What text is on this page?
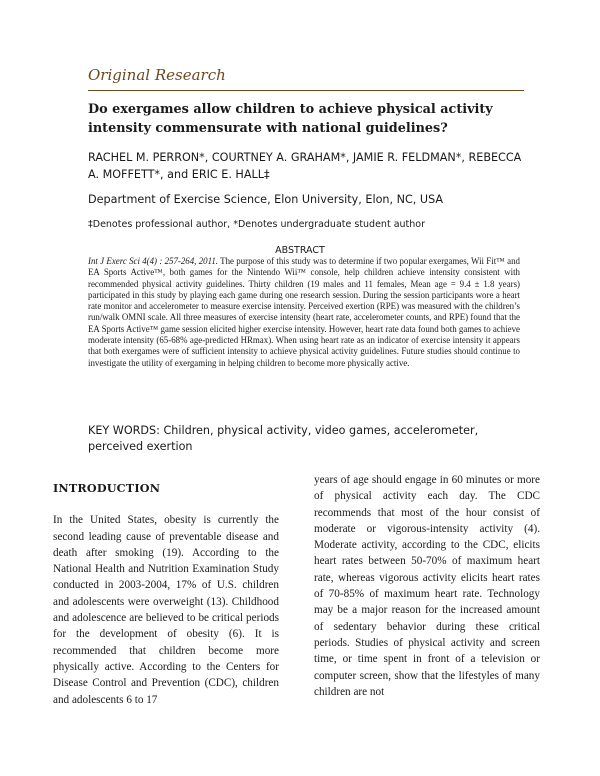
Original Research
Do exergames allow children to achieve physical activity intensity commensurate with national guidelines?
RACHEL M. PERRON*, COURTNEY A. GRAHAM*, JAMIE R. FELDMAN*, REBECCA A. MOFFETT*, and ERIC E. HALL‡
Department of Exercise Science, Elon University, Elon, NC, USA
‡Denotes professional author, *Denotes undergraduate student author
ABSTRACT
Int J Exerc Sci 4(4) : 257-264, 2011. The purpose of this study was to determine if two popular exergames, Wii Fit™ and EA Sports Active™, both games for the Nintendo Wii™ console, help children achieve intensity consistent with recommended physical activity guidelines. Thirty children (19 males and 11 females, Mean age = 9.4 ± 1.8 years) participated in this study by playing each game during one research session. During the session participants wore a heart rate monitor and accelerometer to measure exercise intensity. Perceived exertion (RPE) was measured with the children’s run/walk OMNI scale. All three measures of exercise intensity (heart rate, accelerometer counts, and RPE) found that the EA Sports Active™ game session elicited higher exercise intensity. However, heart rate data found both games to achieve moderate intensity (65-68% age-predicted HRmax). When using heart rate as an indicator of exercise intensity it appears that both exergames were of sufficient intensity to achieve physical activity guidelines. Future studies should continue to investigate the utility of exergaming in helping children to become more physically active.
KEY WORDS: Children, physical activity, video games, accelerometer, perceived exertion
INTRODUCTION

In the United States, obesity is currently the second leading cause of preventable disease and death after smoking (19). According to the National Health and Nutrition Examination Study conducted in 2003-2004, 17% of U.S. children and adolescents were overweight (13). Childhood and adolescence are believed to be critical periods for the development of obesity (6). It is recommended that children become more physically active. According to the Centers for Disease Control and Prevention (CDC), children and adolescents 6 to 17

years of age should engage in 60 minutes or more of physical activity each day. The CDC recommends that most of the hour consist of moderate or vigorous-intensity activity (4). Moderate activity, according to the CDC, elicits heart rates between 50-70% of maximum heart rate, whereas vigorous activity elicits heart rates of 70-85% of maximum heart rate. Technology may be a major reason for the increased amount of sedentary behavior during these critical periods. Studies of physical activity and screen time, or time spent in front of a television or computer screen, show that the lifestyles of many children are not
